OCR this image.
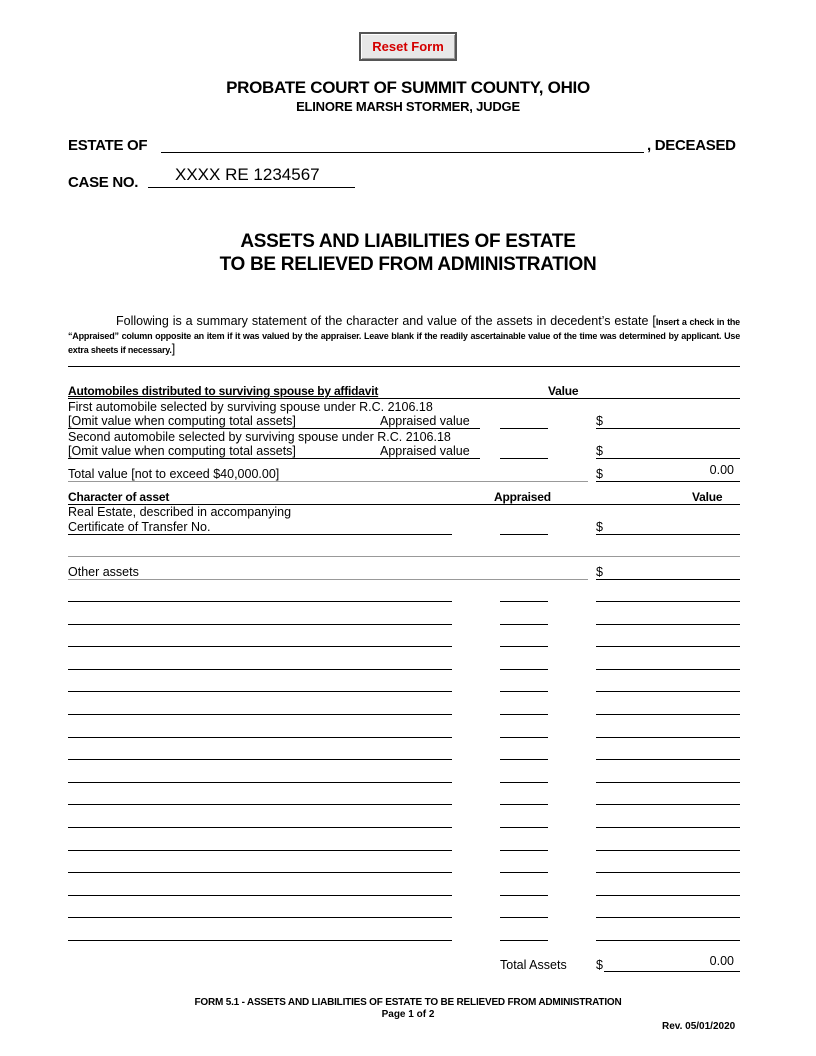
Reset Form
PROBATE COURT OF SUMMIT COUNTY, OHIO
ELINORE MARSH STORMER, JUDGE
ESTATE OF	, DECEASED
CASE NO.	XXXX RE 1234567
ASSETS AND LIABILITIES OF ESTATE
TO BE RELIEVED FROM ADMINISTRATION
Following is a summary statement of the character and value of the assets in decedent’s estate [Insert a check in the “Appraised” column opposite an item if it was valued by the appraiser. Leave blank if the readily ascertainable value of the time was determined by applicant. Use extra sheets if necessary.]
Automobiles distributed to surviving spouse by affidavit	Value
First automobile selected by surviving spouse under R.C. 2106.18
[Omit value when computing total assets]	Appraised value	$
Second automobile selected by surviving spouse under R.C. 2106.18
[Omit value when computing total assets]	Appraised value	$
Total value [not to exceed $40,000.00]	$	0.00
Character of asset	Appraised	Value
Real Estate, described in accompanying
Certificate of Transfer No.	$
Other assets	$
Total Assets $	0.00
FORM 5.1 - ASSETS AND LIABILITIES OF ESTATE TO BE RELIEVED FROM ADMINISTRATION
Page 1 of 2
Rev. 05/01/2020
